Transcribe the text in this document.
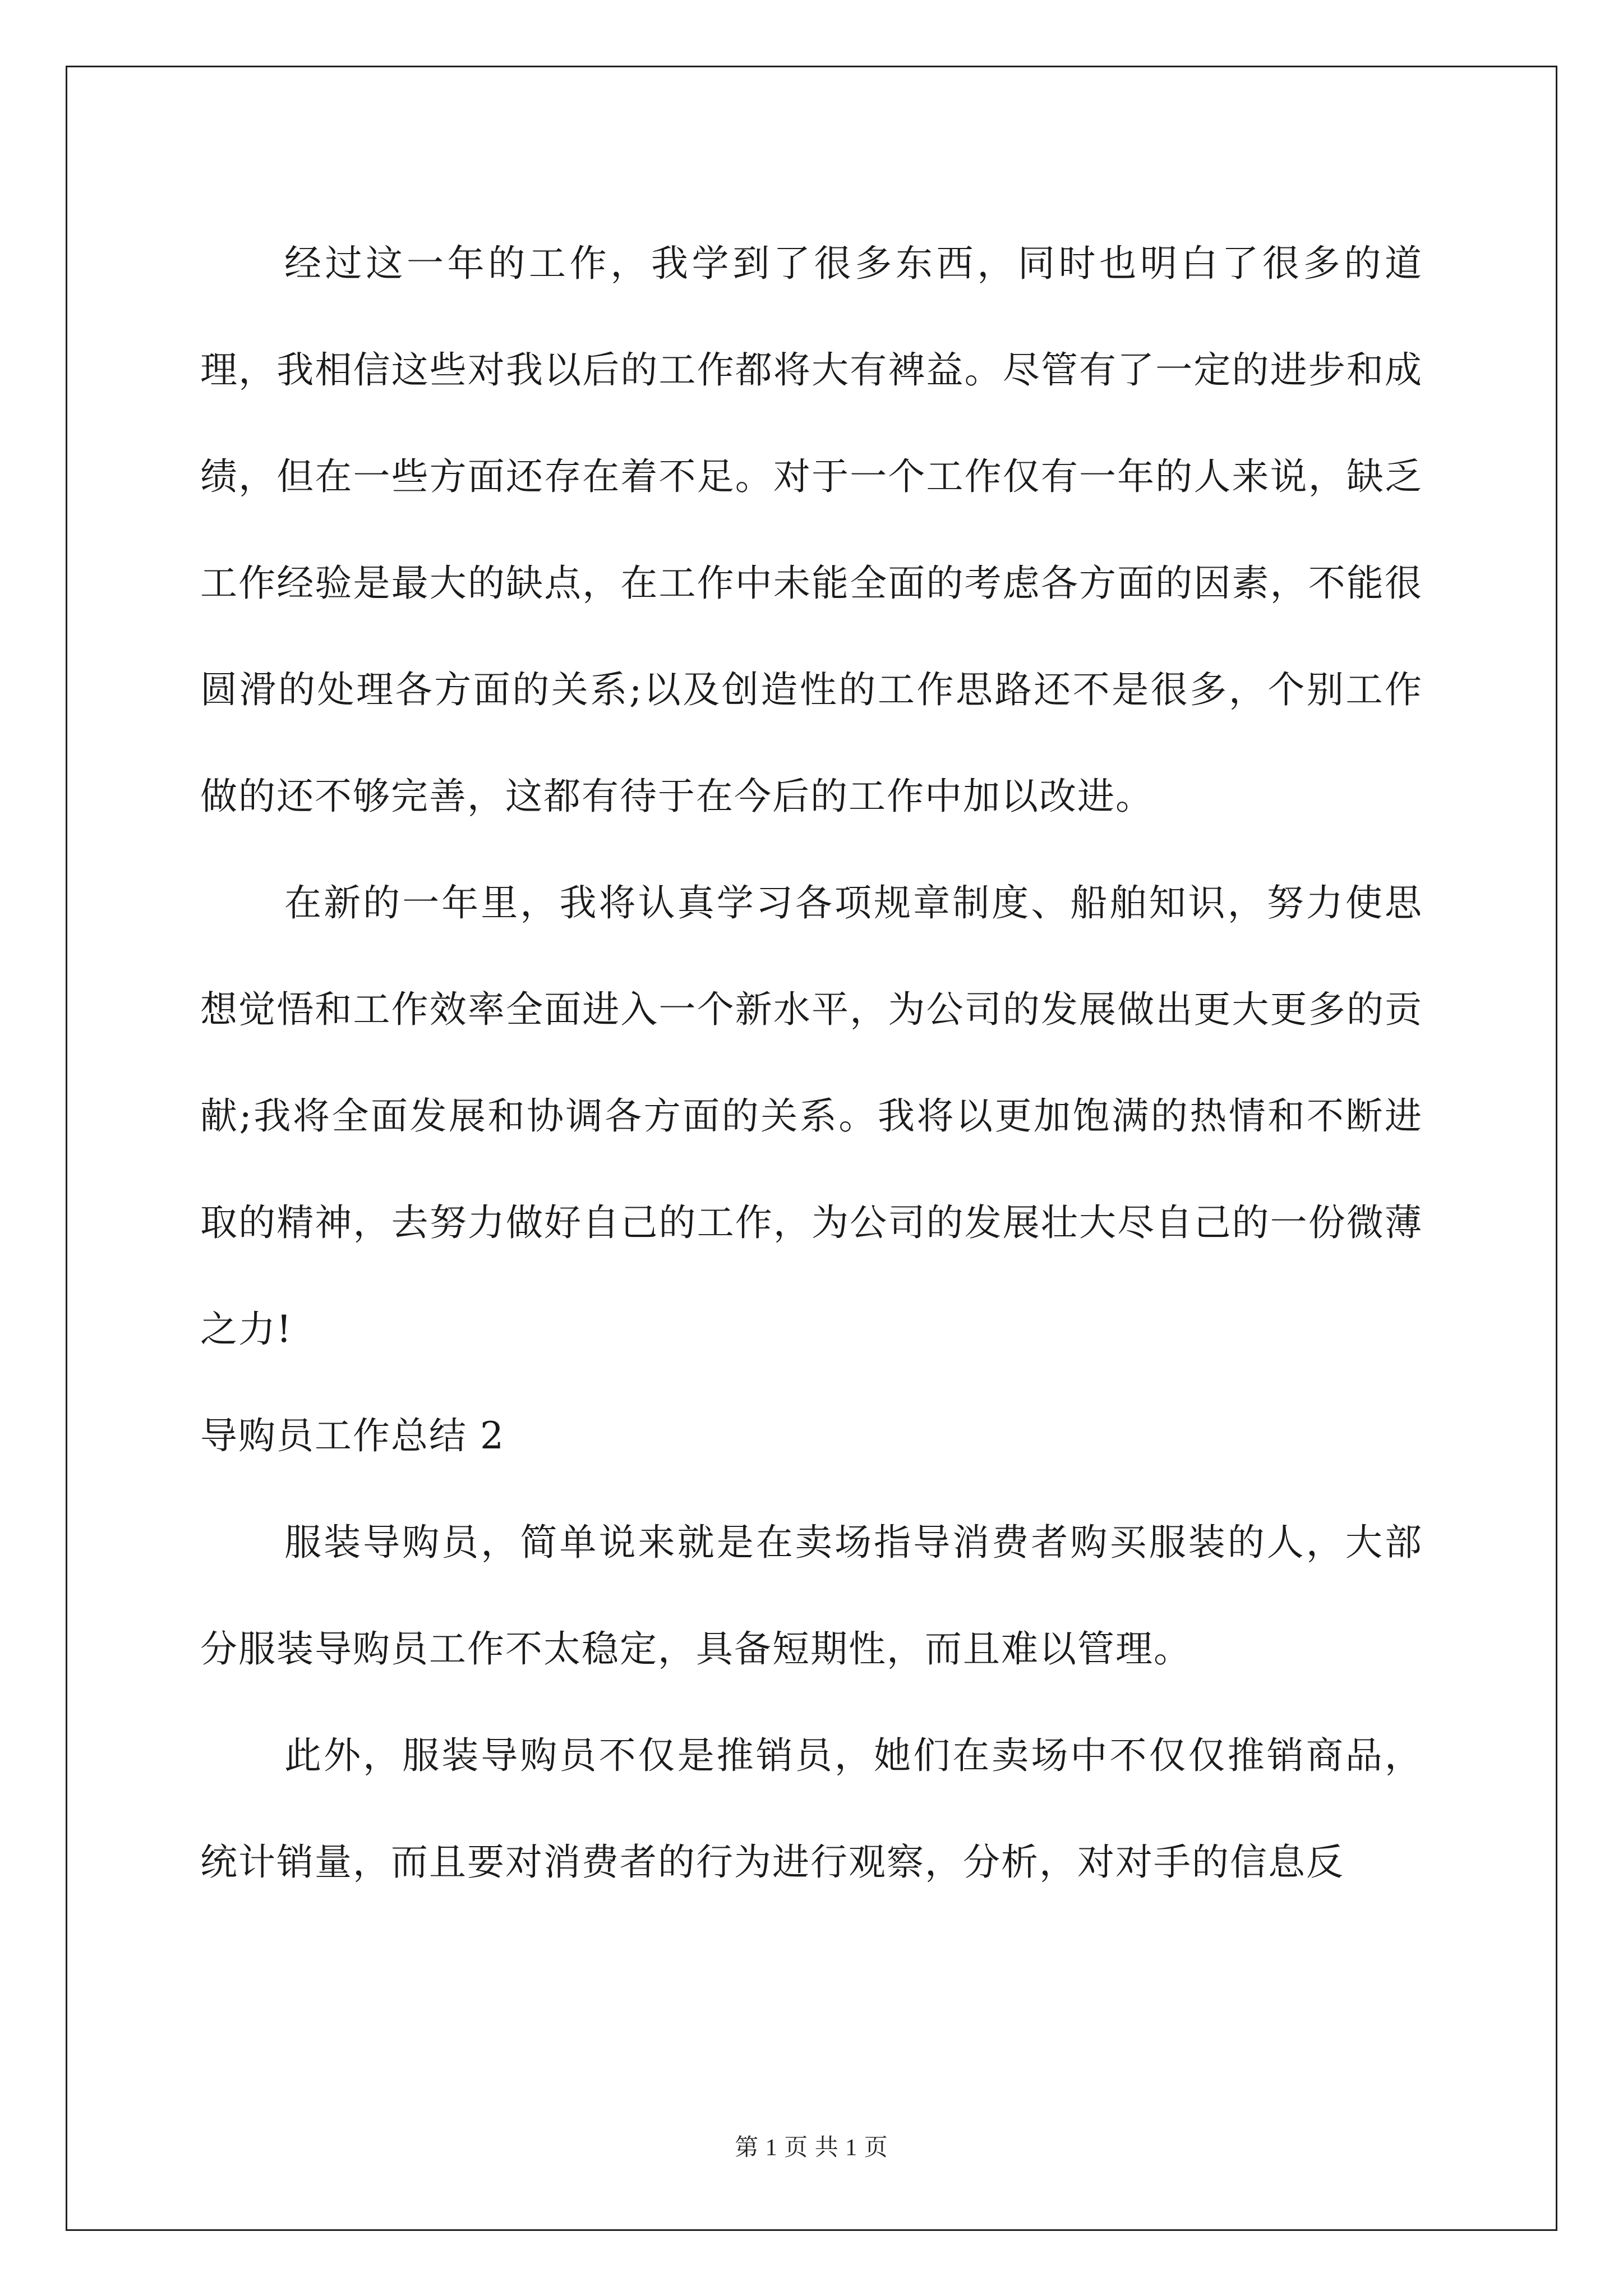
经过这一年的工作，我学到了很多东西，同时也明白了很多的道理，我相信这些对我以后的工作都将大有裨益。尽管有了一定的进步和成绩，但在一些方面还存在着不足。对于一个工作仅有一年的人来说，缺乏工作经验是最大的缺点，在工作中未能全面的考虑各方面的因素，不能很圆滑的处理各方面的关系;以及创造性的工作思路还不是很多，个别工作做的还不够完善，这都有待于在今后的工作中加以改进。

在新的一年里，我将认真学习各项规章制度、船舶知识，努力使思想觉悟和工作效率全面进入一个新水平，为公司的发展做出更大更多的贡献;我将全面发展和协调各方面的关系。我将以更加饱满的热情和不断进取的精神，去努力做好自己的工作，为公司的发展壮大尽自己的一份微薄之力!

导购员工作总结 2

服装导购员，简单说来就是在卖场指导消费者购买服装的人，大部分服装导购员工作不太稳定，具备短期性，而且难以管理。

此外，服装导购员不仅是推销员，她们在卖场中不仅仅推销商品，统计销量，而且要对消费者的行为进行观察，分析，对对手的信息反

第 1 页 共 1 页
